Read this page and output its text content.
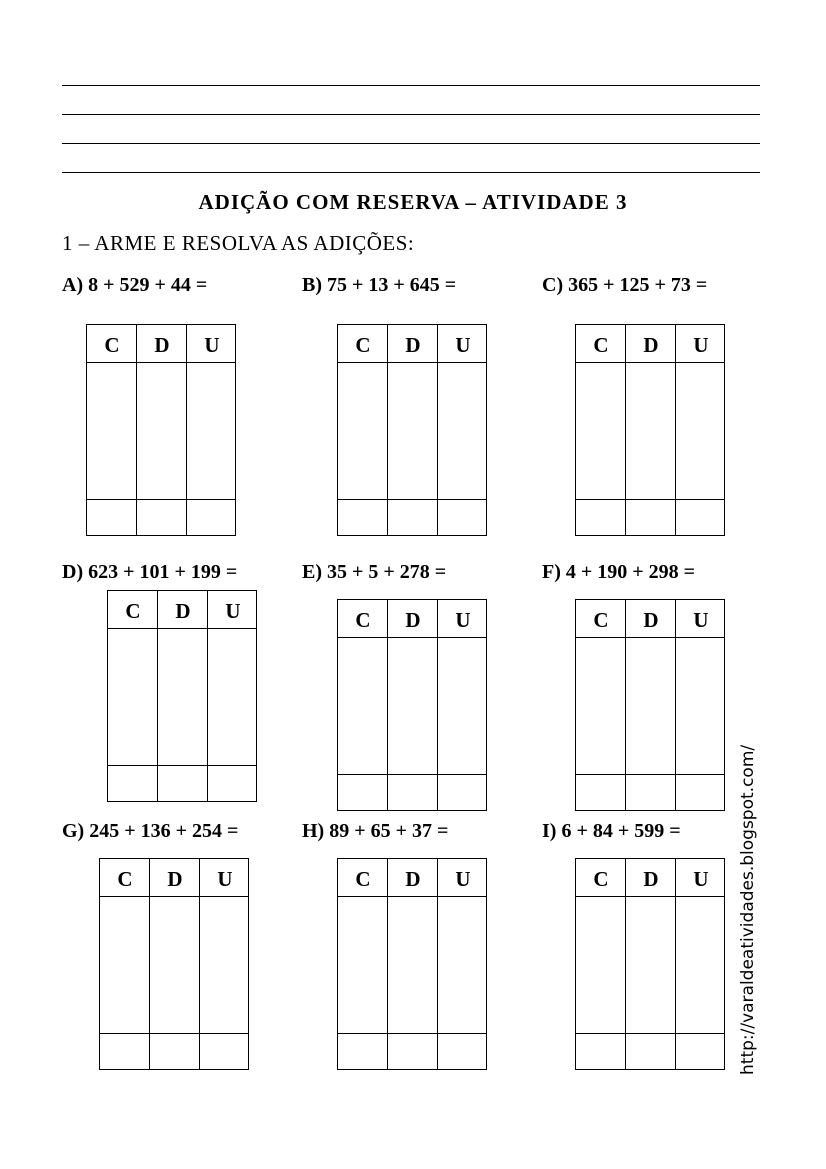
ADIÇÃO COM RESERVA – ATIVIDADE 3
1 – ARME E RESOLVA AS ADIÇÕES:
A) 8 + 529 + 44 =	B) 75 + 13 + 645 =	C) 365 + 125 + 73 =
D) 623 + 101 + 199 =	E) 35 + 5 + 278 =	F) 4 + 190 + 298 =
G) 245 + 136 + 254 =	H) 89 + 65 + 37 =	I) 6 + 84 + 599 =
C	D	U	C	D	U	C	D	U
C	D	U	C	D	U	C	D	U
C	D	U	C	D	U	C	D	U	http://varaldeatividades.blogspot.com/
